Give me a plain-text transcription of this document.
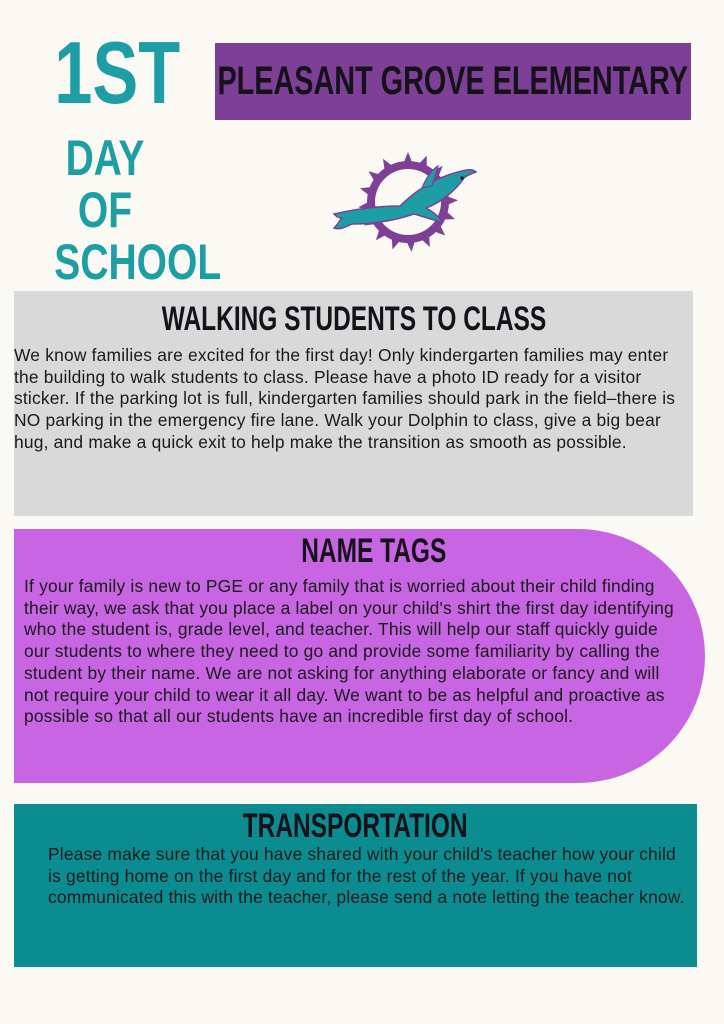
1ST
DAY OF
SCHOOL
PLEASANT GROVE ELEMENTARY
WALKING STUDENTS TO CLASS
We know families are excited for the first day! Only kindergarten families may enter the building to walk students to class. Please have a photo ID ready for a visitor sticker. If the parking lot is full, kindergarten families should park in the field–there is NO parking in the emergency fire lane. Walk your Dolphin to class, give a big bear hug, and make a quick exit to help make the transition as smooth as possible.
NAME TAGS
If your family is new to PGE or any family that is worried about their child finding their way, we ask that you place a label on your child's shirt the first day identifying who the student is, grade level, and teacher. This will help our staff quickly guide our students to where they need to go and provide some familiarity by calling the student by their name. We are not asking for anything elaborate or fancy and will not require your child to wear it all day. We want to be as helpful and proactive as possible so that all our students have an incredible first day of school.
TRANSPORTATION
Please make sure that you have shared with your child's teacher how your child is getting home on the first day and for the rest of the year. If you have not communicated this with the teacher, please send a note letting the teacher know.
